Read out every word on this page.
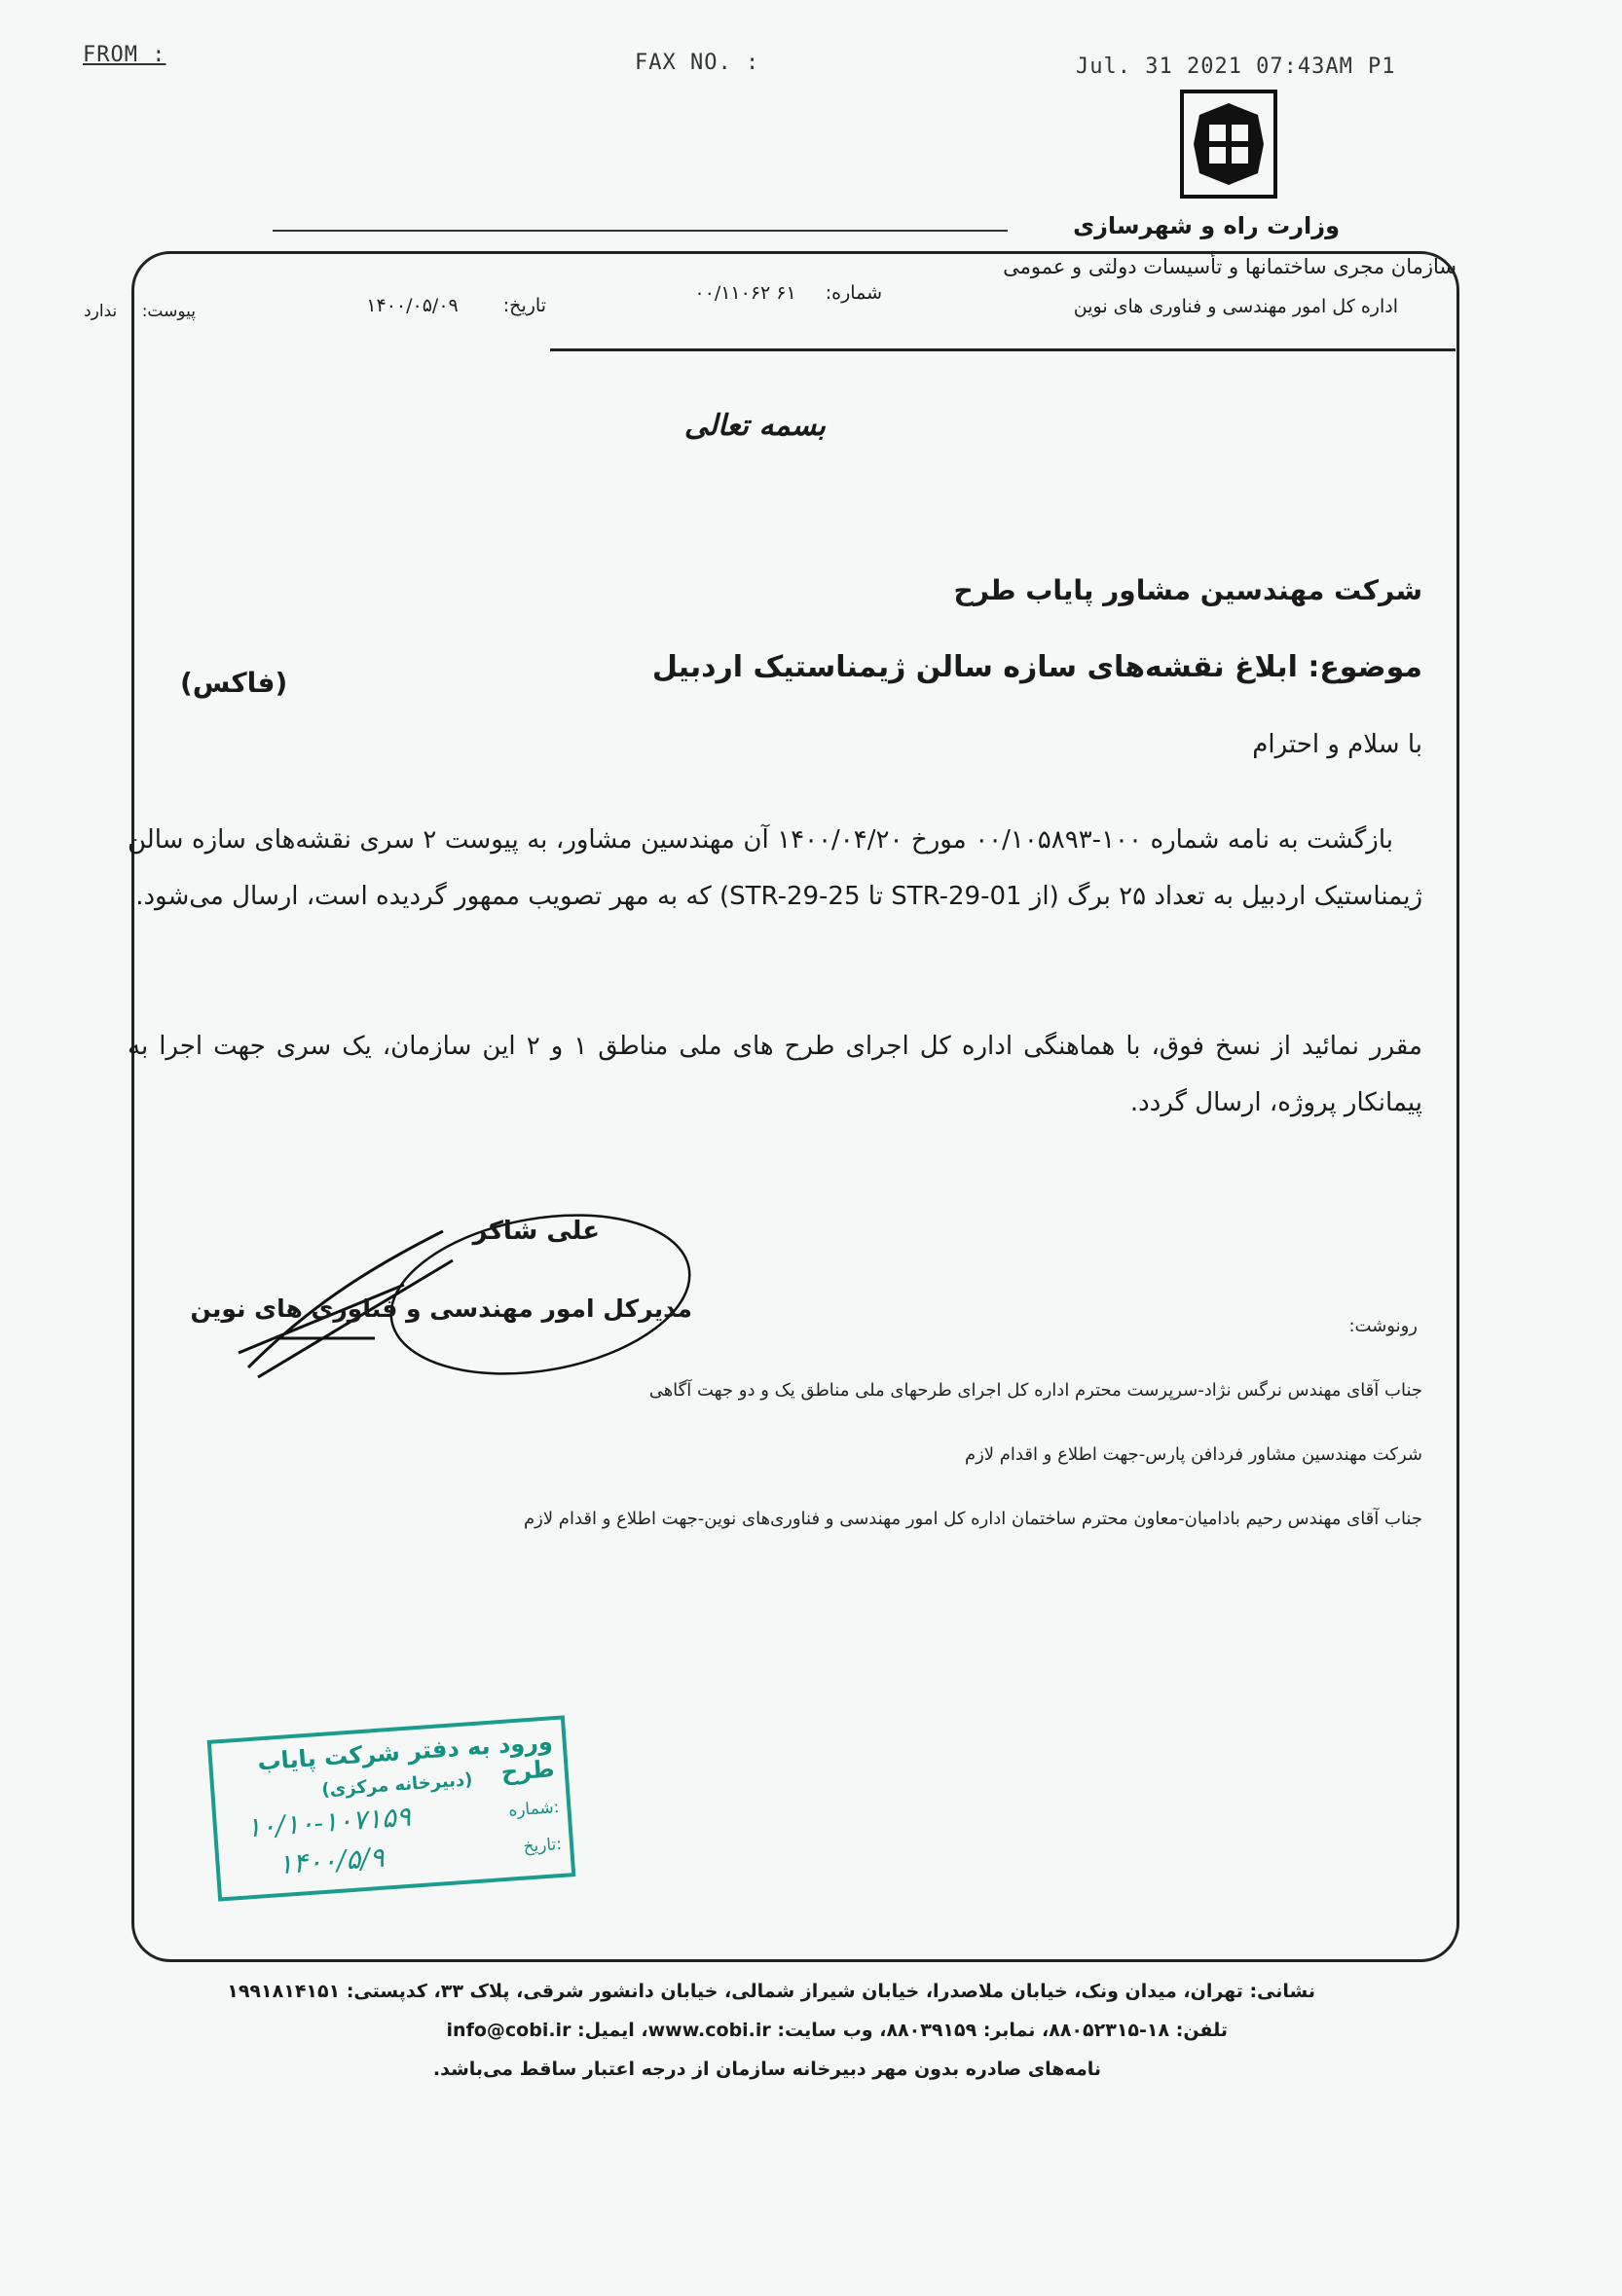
FROM :	FAX NO. :	Jul. 31 2021 07:43AM P1
وزارت راه و شهرسازی
سازمان مجری ساختمانها و تأسیسات دولتی و عمومی
اداره کل امور مهندسی و فناوری های نوین
شماره: ۶۱ ۰۰/۱۱۰۶۲
تاریخ: ۱۴۰۰/۰۵/۰۹
پیوست: ندارد
بسمه تعالی
شرکت مهندسین مشاور پایاب طرح
موضوع: ابلاغ نقشه‌های سازه سالن ژیمناستیک اردبیل
(فاکس)
با سلام و احترام
بازگشت به نامه شماره ۱۰۰-۰۰/۱۰۵۸۹۳ مورخ ۱۴۰۰/۰۴/۲۰ آن مهندسین مشاور، به پیوست ۲ سری نقشه‌های سازه سالن ژیمناستیک اردبیل به تعداد ۲۵ برگ (از STR-29-01 تا STR-29-25) که به مهر تصویب ممهور گردیده است، ارسال می‌شود.
مقرر نمائید از نسخ فوق، با هماهنگی اداره کل اجرای طرح های ملی مناطق ۱ و ۲ این سازمان، یک سری جهت اجرا به پیمانکار پروژه، ارسال گردد.
علی شاکر
مدیرکل امور مهندسی و فناوری های نوین
رونوشت:
جناب آقای مهندس نرگس نژاد-سرپرست محترم اداره کل اجرای طرحهای ملی مناطق یک و دو جهت آگاهی
شرکت مهندسین مشاور فردافن پارس-جهت اطلاع و اقدام لازم
جناب آقای مهندس رحیم بادامیان-معاون محترم ساختمان اداره کل امور مهندسی و فناوری‌های نوین-جهت اطلاع و اقدام لازم
ورود به دفتر شرکت پایاب طرح
(دبیرخانه مرکزی)
شماره:
۱۰/۱۰-۱۰۷۱۵۹
تاریخ:
۱۴۰۰/۵/۹
نشانی: تهران، میدان ونک، خیابان ملاصدرا، خیابان شیراز شمالی، خیابان دانشور شرقی، پلاک ۳۳، کدپستی: ۱۹۹۱۸۱۴۱۵۱
تلفن: ۱۸-۸۸۰۵۲۳۱۵، نمابر: ۸۸۰۳۹۱۵۹، وب سایت: www.cobi.ir، ایمیل: info@cobi.ir
نامه‌های صادره بدون مهر دبیرخانه سازمان از درجه اعتبار ساقط می‌باشد.
